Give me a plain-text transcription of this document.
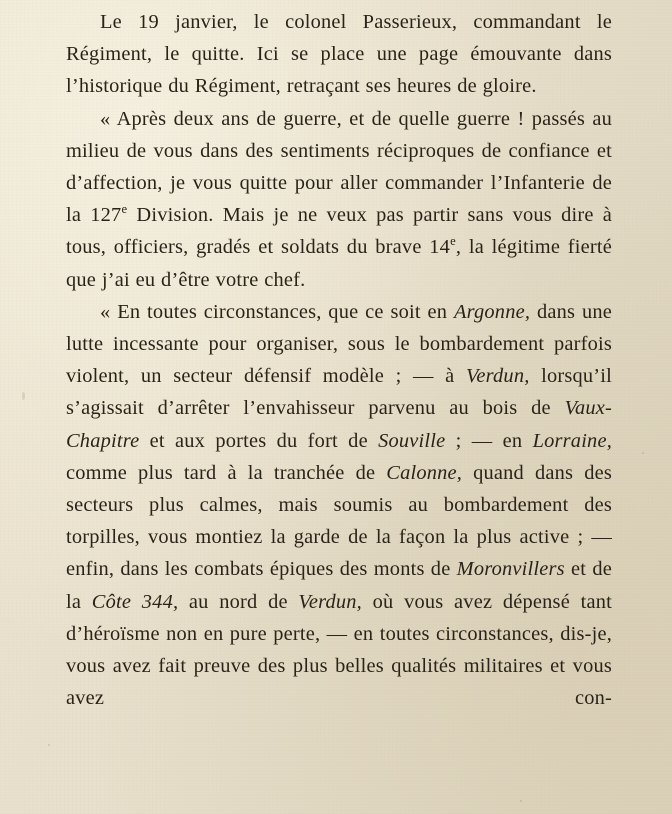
Le 19 janvier, le colonel Passerieux, commandant le Régiment, le quitte. Ici se place une page émouvante dans l’historique du Régiment, retraçant ses heures de gloire.

« Après deux ans de guerre, et de quelle guerre ! passés au milieu de vous dans des sentiments réciproques de confiance et d’affection, je vous quitte pour aller commander l’Infanterie de la 127e Division. Mais je ne veux pas partir sans vous dire à tous, officiers, gradés et soldats du brave 14e, la légitime fierté que j’ai eu d’être votre chef.

« En toutes circonstances, que ce soit en Argonne, dans une lutte incessante pour organiser, sous le bombardement parfois violent, un secteur défensif modèle ; — à Verdun, lorsqu’il s’agissait d’arrêter l’envahisseur parvenu au bois de Vaux-Chapitre et aux portes du fort de Souville ; — en Lorraine, comme plus tard à la tranchée de Calonne, quand dans des secteurs plus calmes, mais soumis au bombardement des torpilles, vous montiez la garde de la façon la plus active ; — enfin, dans les combats épiques des monts de Moronvillers et de la Côte 344, au nord de Verdun, où vous avez dépensé tant d’héroïsme non en pure perte, — en toutes circonstances, dis-je, vous avez fait preuve des plus belles qualités militaires et vous avez con-
